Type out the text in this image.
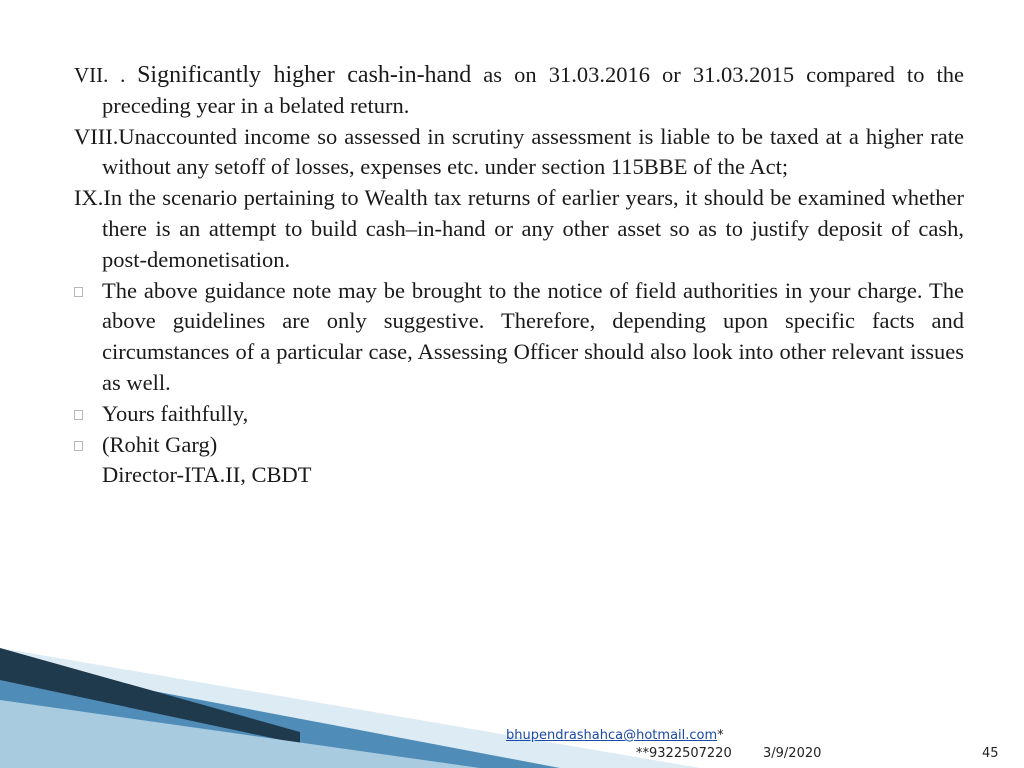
VII. . Significantly higher cash-in-hand as on 31.03.2016 or 31.03.2015 compared to the preceding year in a belated return.

VIII.Unaccounted income so assessed in scrutiny assessment is liable to be taxed at a higher rate without any setoff of losses, expenses etc. under section 115BBE of the Act;

IX.In the scenario pertaining to Wealth tax returns of earlier years, it should be examined whether there is an attempt to build cash–in-hand or any other asset so as to justify deposit of cash, post-demonetisation.

The above guidance note may be brought to the notice of field authorities in your charge. The above guidelines are only suggestive. Therefore, depending upon specific facts and circumstances of a particular case, Assessing Officer should also look into other relevant issues as well.
Yours faithfully,
(Rohit Garg)
Director-ITA.II, CBDT
bhupendrashahca@hotmail.com*
**9322507220 3/9/2020	45
